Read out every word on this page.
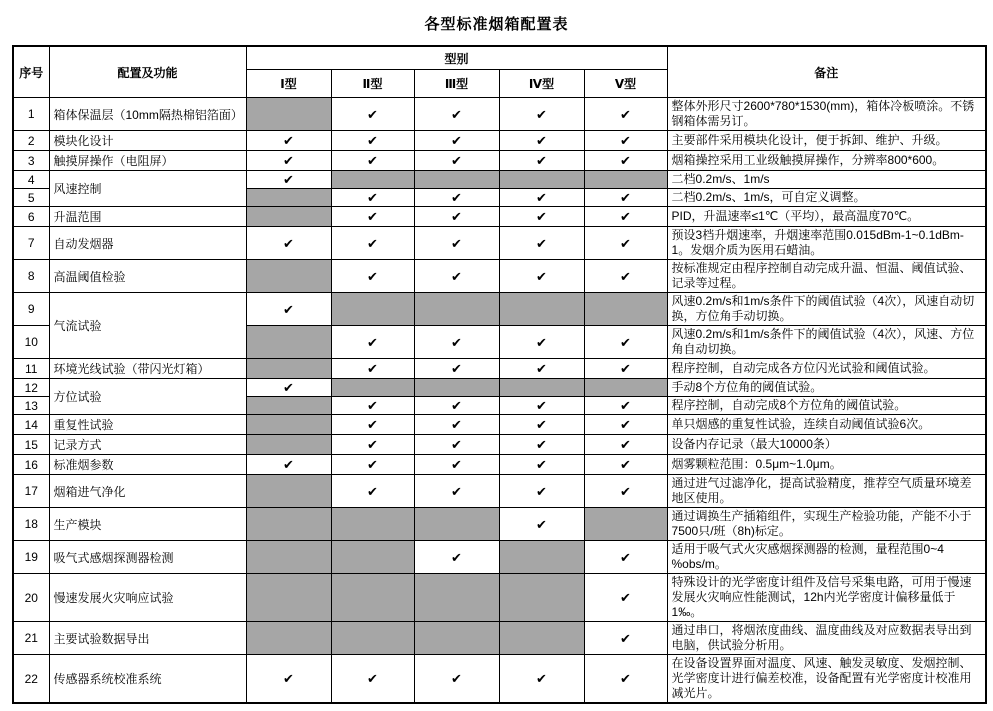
各型标准烟箱配置表
序号	配置及功能	型别					备注
		Ⅰ型	Ⅱ型	Ⅲ型	Ⅳ型	Ⅴ型	
1	箱体保温层（10mm隔热棉铝箔面）		✔	✔	✔	✔	整体外形尺寸2600*780*1530(mm)，箱体冷板喷涂。不锈钢箱体需另订。
2	模块化设计	✔	✔	✔	✔	✔	主要部件采用模块化设计，便于拆卸、维护、升级。
3	触摸屏操作（电阻屏）	✔	✔	✔	✔	✔	烟箱操控采用工业级触摸屏操作，分辨率800*600。
4	风速控制	✔					二档0.2m/s、1m/s
5			✔	✔	✔	✔	二档0.2m/s、1m/s，可自定义调整。
6	升温范围		✔	✔	✔	✔	PID，升温速率≤1℃（平均），最高温度70℃。
7	自动发烟器	✔	✔	✔	✔	✔	预设3档升烟速率，升烟速率范围0.015dBm-1~0.1dBm-1。发烟介质为医用石蜡油。
8	高温阈值检验		✔	✔	✔	✔	按标准规定由程序控制自动完成升温、恒温、阈值试验、记录等过程。
9	气流试验	✔					风速0.2m/s和1m/s条件下的阈值试验（4次），风速自动切换，方位角手动切换。
10			✔	✔	✔	✔	风速0.2m/s和1m/s条件下的阈值试验（4次），风速、方位角自动切换。
11	环境光线试验（带闪光灯箱）		✔	✔	✔	✔	程序控制，自动完成各方位闪光试验和阈值试验。
12	方位试验	✔					手动8个方位角的阈值试验。
13			✔	✔	✔	✔	程序控制，自动完成8个方位角的阈值试验。
14	重复性试验		✔	✔	✔	✔	单只烟感的重复性试验，连续自动阈值试验6次。
15	记录方式		✔	✔	✔	✔	设备内存记录（最大10000条）
16	标准烟参数	✔	✔	✔	✔	✔	烟雾颗粒范围：0.5μm~1.0μm。
17	烟箱进气净化		✔	✔	✔	✔	通过进气过滤净化，提高试验精度，推荐空气质量环境差地区使用。
18	生产模块				✔		通过调换生产插箱组件，实现生产检验功能，产能不小于7500只/班（8h)标定。
19	吸气式感烟探测器检测			✔		✔	适用于吸气式火灾感烟探测器的检测，量程范围0~4 %obs/m。
20	慢速发展火灾响应试验					✔	特殊设计的光学密度计组件及信号采集电路，可用于慢速发展火灾响应性能测试，12h内光学密度计偏移量低于1‰。
21	主要试验数据导出					✔	通过串口，将烟浓度曲线、温度曲线及对应数据表导出到电脑，供试验分析用。
22	传感器系统校准系统	✔	✔	✔	✔	✔	在设备设置界面对温度、风速、触发灵敏度、发烟控制、光学密度计进行偏差校准，设备配置有光学密度计校准用减光片。
